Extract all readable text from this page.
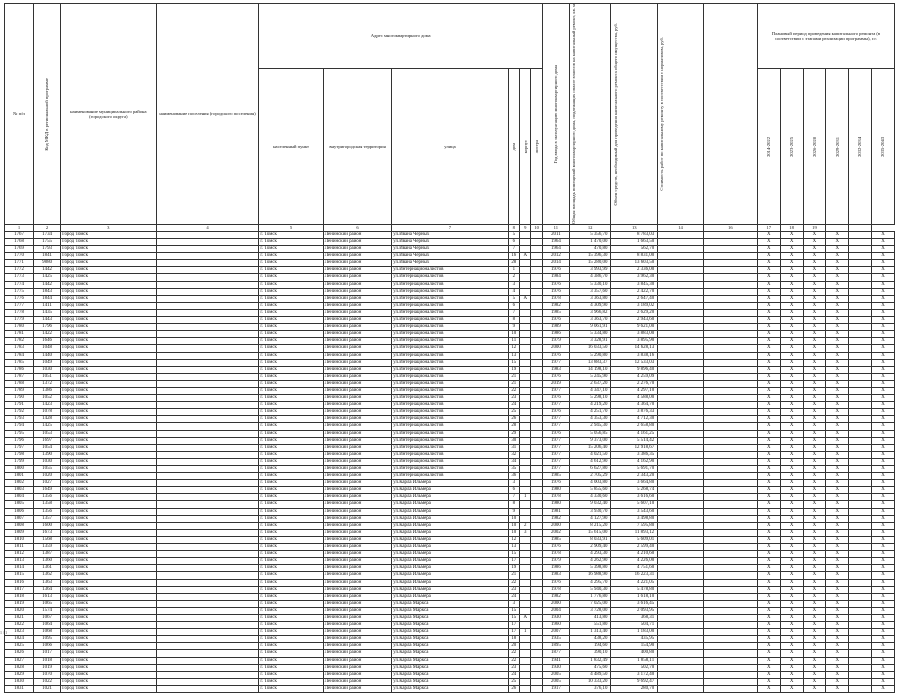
№ п/п	Код МКД в региональной программе	наименование муниципального района (городского округа)	наименование поселения (городского поселения)	Адрес многоквартирного дома						Год ввода в эксплуатацию многоквартирного дома	Общая площадь помещений многоквартирного дома, подлежащих оплате взносов на капитальный ремонт, кв. м	Объем средств, необходимый для проведения капитального ремонта общего имущества, руб.	Стоимость работ по капитальному ремонту в соответствии с нормативом, руб.		Плановый период проведения капитального ремонта (в соответствии с этапами реализации программы), г.г.					
				населенный пункт	внутригородская территория	улица	дом	корпус	литера						2014-2022	2023-2025	2026-2028	2029-2031	2032-2034	2035-2043

1	2	3	4	5	6	7	8	9	10	11	12	13	14	16	17	18	19			
1767	1734	Город Томск		г. Томск	Ленинский район	ул.Ивана Черных	5			2011	5 356,70	8 783,03			X	X	X	X		X
1768	1755	Город Томск		г. Томск	Ленинский район	ул.Ивана Черных	6			1964	1 470,00	1 663,50			X	X	X	X		X
1769	1793	Город Томск		г. Томск	Ленинский район	ул.Ивана Черных	7			1964	470,80	562,70			X	X	X	X		X
1770	1841	Город Томск		г. Томск	Ленинский район	ул.Ивана Черных	16	А		2012	15 396,30	8 831,00			X	X	X	X		X
1771	9880	Город Томск		г. Томск	Ленинский район	ул.Ивана Черных	28			2014	15 280,00	13 603,50			X	X	X	X		X
1772	1442	Город Томск		г. Томск	Ленинский район	ул.Интернационалистов	1			1976	3 993,99	2 336,00			X	X	X	X		X
1773	1425	Город Томск		г. Томск	Ленинский район	ул.Интернационалистов	2			1984	4 386,70	3 962,30			X	X	X	X		X
1774	1442	Город Томск		г. Томск	Ленинский район	ул.Интернационалистов	3			1976	5 330,10	3 845,30			X	X	X	X		X
1775	1843	Город Томск		г. Томск	Ленинский район	ул.Интернационалистов	4			1976	3 357,60	2 422,70			X	X	X	X		X
1776	1844	Город Томск		г. Томск	Ленинский район	ул.Интернационалистов	5	А		1978	3 363,80	2 647,40			X	X	X	X		X
1777	1411	Город Томск		г. Томск	Ленинский район	ул.Интернационалистов	6			1982	4 309,90	3 189,02			X	X	X	X		X
1778	1435	Город Томск		г. Томск	Ленинский район	ул.Интернационалистов	7			1985	3 966,82	2 629,20			X	X	X	X		X
1779	1443	Город Томск		г. Томск	Ленинский район	ул.Интернационалистов	8			1976	3 363,70	2 943,60			X	X	X	X		X
1780	1796	Город Томск		г. Томск	Ленинский район	ул.Интернационалистов	9			1989	9 061,91	9 621,00			X	X	X	X		X
1781	1422	Город Томск		г. Томск	Ленинский район	ул.Интернационалистов	10			1986	5 334,80	3 883,00			X	X	X	X		X
1782	1646	Город Томск		г. Томск	Ленинский район	ул.Интернационалистов	11			1979	3 328,91	3 895,90			X	X	X	X		X
1783	1048	Город Томск		г. Томск	Ленинский район	ул.Интернационалистов	12			2000	16 033,50	14 628,13			X	X	X	X		X
1784	1440	Город Томск		г. Томск	Ленинский район	ул.Интернационалистов	13			1976	5 290,80	3 838,16			X	X	X	X		X
1785	1049	Город Томск		г. Томск	Ленинский район	ул.Интернационалистов	15			1977	13 883,37	12 533,03			X	X	X	X		X
1786	1030	Город Томск		г. Томск	Ленинский район	ул.Интернационалистов	19			1983	14 198,10	9 896,40			X	X	X	X		X
1787	1051	Город Томск		г. Томск	Ленинский район	ул.Интернационалистов	21			1976	5 245,90	4 259,09			X	X	X	X		X
1788	1372	Город Томск		г. Томск	Ленинский район	ул.Интернационалистов	21			2019	2 637,20	2 276,70			X	X	X	X		X
1789	1386	Город Томск		г. Томск	Ленинский район	ул.Интернационалистов	22			1977	4 347,10	4 297,10			X	X	X	X		X
1790	1052	Город Томск		г. Томск	Ленинский район	ул.Интернационалистов	23			1976	5 298,10	4 588,00			X	X	X	X		X
1791	1423	Город Томск		г. Томск	Ленинский район	ул.Интернационалистов	24			1977	4 219,20	4 364,70			X	X	X	X		X
1792	1078	Город Томск		г. Томск	Ленинский район	ул.Интернационалистов	25			1976	4 251,70	3 876,33			X	X	X	X		X
1793	1428	Город Томск		г. Томск	Ленинский район	ул.Интернационалистов	26			1977	4 353,30	4 712,30			X	X	X	X		X
1794	1425	Город Томск		г. Томск	Ленинский район	ул.Интернационалистов	28			1977	2 945,30	2 658,80			X	X	X	X		X
1795	1053	Город Томск		г. Томск	Ленинский район	ул.Интернационалистов	29			1976	5 056,85	4 161,25			X	X	X	X		X
1796	1697	Город Томск		г. Томск	Ленинский район	ул.Интернационалистов	30			1977	9 373,00	5 514,42			X	X	X	X		X
1797	1054	Город Томск		г. Томск	Ленинский район	ул.Интернационалистов	31			1977	15 206,40	12 918,67			X	X	X	X		X
1798	1390	Город Томск		г. Томск	Ленинский район	ул.Интернационалистов	32			1977	4 021,50	3 386,35			X	X	X	X		X
1799	1030	Город Томск		г. Томск	Ленинский район	ул.Интернационалистов	34			1977	4 612,90	4 162,90			X	X	X	X		X
1800	1055	Город Томск		г. Томск	Ленинский район	ул.Интернационалистов	35			1977	6 627,80	5 691,70			X	X	X	X		X
1801	1020	Город Томск		г. Томск	Ленинский район	ул.Интернационалистов	36			1985	2 705,29	2 343,20			X	X	X	X		X
1802	1027	Город Томск		г. Томск	Ленинский район	ул.Карла Ильмера	3			1976	4 003,80	3 664,80			X	X	X	X		X
1803	1649	Город Томск		г. Томск	Ленинский район	ул.Карла Ильмера	6			1980	5 855,60	5 268,74			X	X	X	X		X
1804	1356	Город Томск		г. Томск	Ленинский район	ул.Карла Ильмера	7	1		1978	4 330,60	3 616,60			X	X	X	X		X
1805	1358	Город Томск		г. Томск	Ленинский район	ул.Карла Ильмера	8			1980	9 032,40	5 607,10			X	X	X	X		X
1806	1356	Город Томск		г. Томск	Ленинский район	ул.Карла Ильмера	9			1981	3 930,70	3 543,60			X	X	X	X		X
1807	1357	Город Томск		г. Томск	Ленинский район	ул.Карла Ильмера	10			1982	4 127,90	3 498,80			X	X	X	X		X
1808	1600	Город Томск		г. Томск	Ленинский район	ул.Карла Ильмера	10	2		2000	8 215,20	7 595,80			X	X	X	X		X
1809	1673	Город Томск		г. Томск	Ленинский район	ул.Карла Ильмера	10	3		2002	15 615,00	11 893,12			X	X	X	X		X
1810	1568	Город Томск		г. Томск	Ленинский район	ул.Карла Ильмера	12			1985	8 033,91	5 609,01			X	X	X	X		X
1811	1359	Город Томск		г. Томск	Ленинский район	ул.Карла Ильмера	13			1976	2 909,40	2 599,40			X	X	X	X		X
1812	1387	Город Томск		г. Томск	Ленинский район	ул.Карла Ильмера	15			1978	4 293,30	4 210,60			X	X	X	X		X
1813	1360	Город Томск		г. Томск	Ленинский район	ул.Карла Ильмера	17			1979	4 262,90	4 226,00			X	X	X	X		X
1814	1361	Город Томск		г. Томск	Ленинский район	ул.Карла Ильмера	19			1986	5 398,80	4 751,60			X	X	X	X		X
1815	1362	Город Томск		г. Томск	Ленинский район	ул.Карла Ильмера	21			1983	16 988,90	16 223,31			X	X	X	X		X
1816	1363	Город Томск		г. Томск	Ленинский район	ул.Карла Ильмера	22			1976	4 295,70	4 221,05			X	X	X	X		X
1817	1364	Город Томск		г. Томск	Ленинский район	ул.Карла Ильмера	23			1978	5 940,30	5 478,80			X	X	X	X		X
1818	1613	Город Томск		г. Томск	Ленинский район	ул.Карла Ильмера	24			1982	1 776,80	1 618,10			X	X	X	X		X
1819	1065	Город Томск		г. Томск	Ленинский район	ул.Карла Маркса	3			2000	7 025,00	3 616,45			X	X	X	X		X
1820	1574	Город Томск		г. Томск	Ленинский район	ул.Карла Маркса	15			2004	3 728,00	2 093,95			X	X	X	X		X
1821	1067	Город Томск		г. Томск	Ленинский район	ул.Карла Маркса	15	А		1930	413,80	368,31			X	X	X	X		X
1822	1064	Город Томск		г. Томск	Ленинский район	ул.Карла Маркса	17			1960	551,80	504,71			X	X	X	X		X
1823	1068	Город Томск		г. Томск	Ленинский район	ул.Карла Маркса	17	1		2007	1 313,40	1 183,00			X	X	X	X		X
1824	1095	Город Томск		г. Томск	Ленинский район	ул.Карла Маркса	18			1935	438,20	435,95			X	X	X	X		X
1825	1066	Город Томск		г. Томск	Ленинский район	ул.Карла Маркса	20			1895	194,60	154,90			X	X	X	X		X
1826	1017	Город Томск		г. Томск	Ленинский район	ул.Карла Маркса	22			1877	390,10	400,80			X	X	X	X		X
1827	1018	Город Томск		г. Томск	Ленинский район	ул.Карла Маркса	22			1941	1 832,49	1 858,11			X	X	X	X		X
1828	1019	Город Томск		г. Томск	Ленинский район	ул.Карла Маркса	23			1930	475,60	502,70			X	X	X	X		X
1829	1070	Город Томск		г. Томск	Ленинский район	ул.Карла Маркса	24			2005	4 489,50	3 172,40			X	X	X	X		X
1830	1022	Город Томск		г. Томск	Ленинский район	ул.Карла Маркса	25			2005	10 333,20	9 692,47			X	X	X	X		X
1831	1021	Город Томск		г. Томск	Ленинский район	ул.Карла Маркса	26			1917	376,10	280,70			X	X	X	X		X
1 / 1
